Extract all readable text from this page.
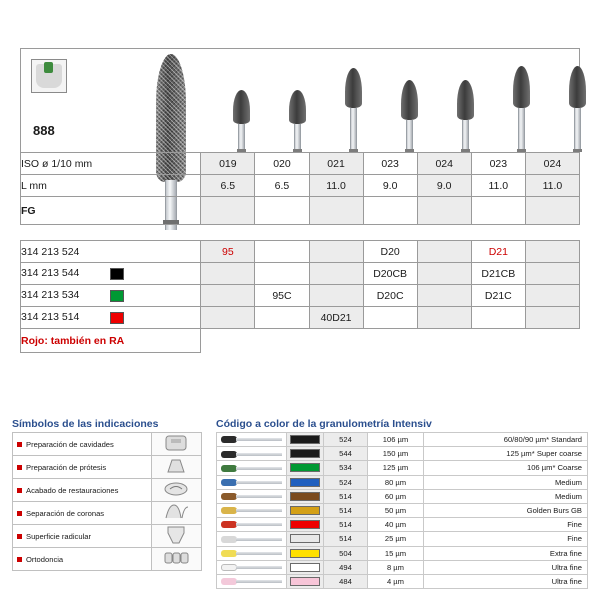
888
ISO ø 1/10 mm	019	020	021	023	024	023	024
L mm	6.5	6.5	11.0	9.0	9.0	11.0	11.0
FG							
314 213 524	95			D20		D21	
314 213 544				D20CB		D21CB	
314 213 534		95C		D20C		D21C	
314 213 514			40D21				
Rojo: también en RA							
Símbolos de las indicaciones
Preparación de cavidades	
Preparación de prótesis	
Acabado de restauraciones	
Separación de coronas	
Superficie radicular	
Ortodoncia	
Código a color de la granulometría Intensiv

	524	106 µm	60/80/90 µm* Standard

	544	150 µm	125 µm* Super coarse

	534	125 µm	106 µm* Coarse

	524	80 µm	Medium

	514	60 µm	Medium

	514	50 µm	Golden Burs GB

	514	40 µm	Fine

	514	25 µm	Fine

	504	15 µm	Extra fine

	494	8 µm	Ultra fine

	484	4 µm	Ultra fine
